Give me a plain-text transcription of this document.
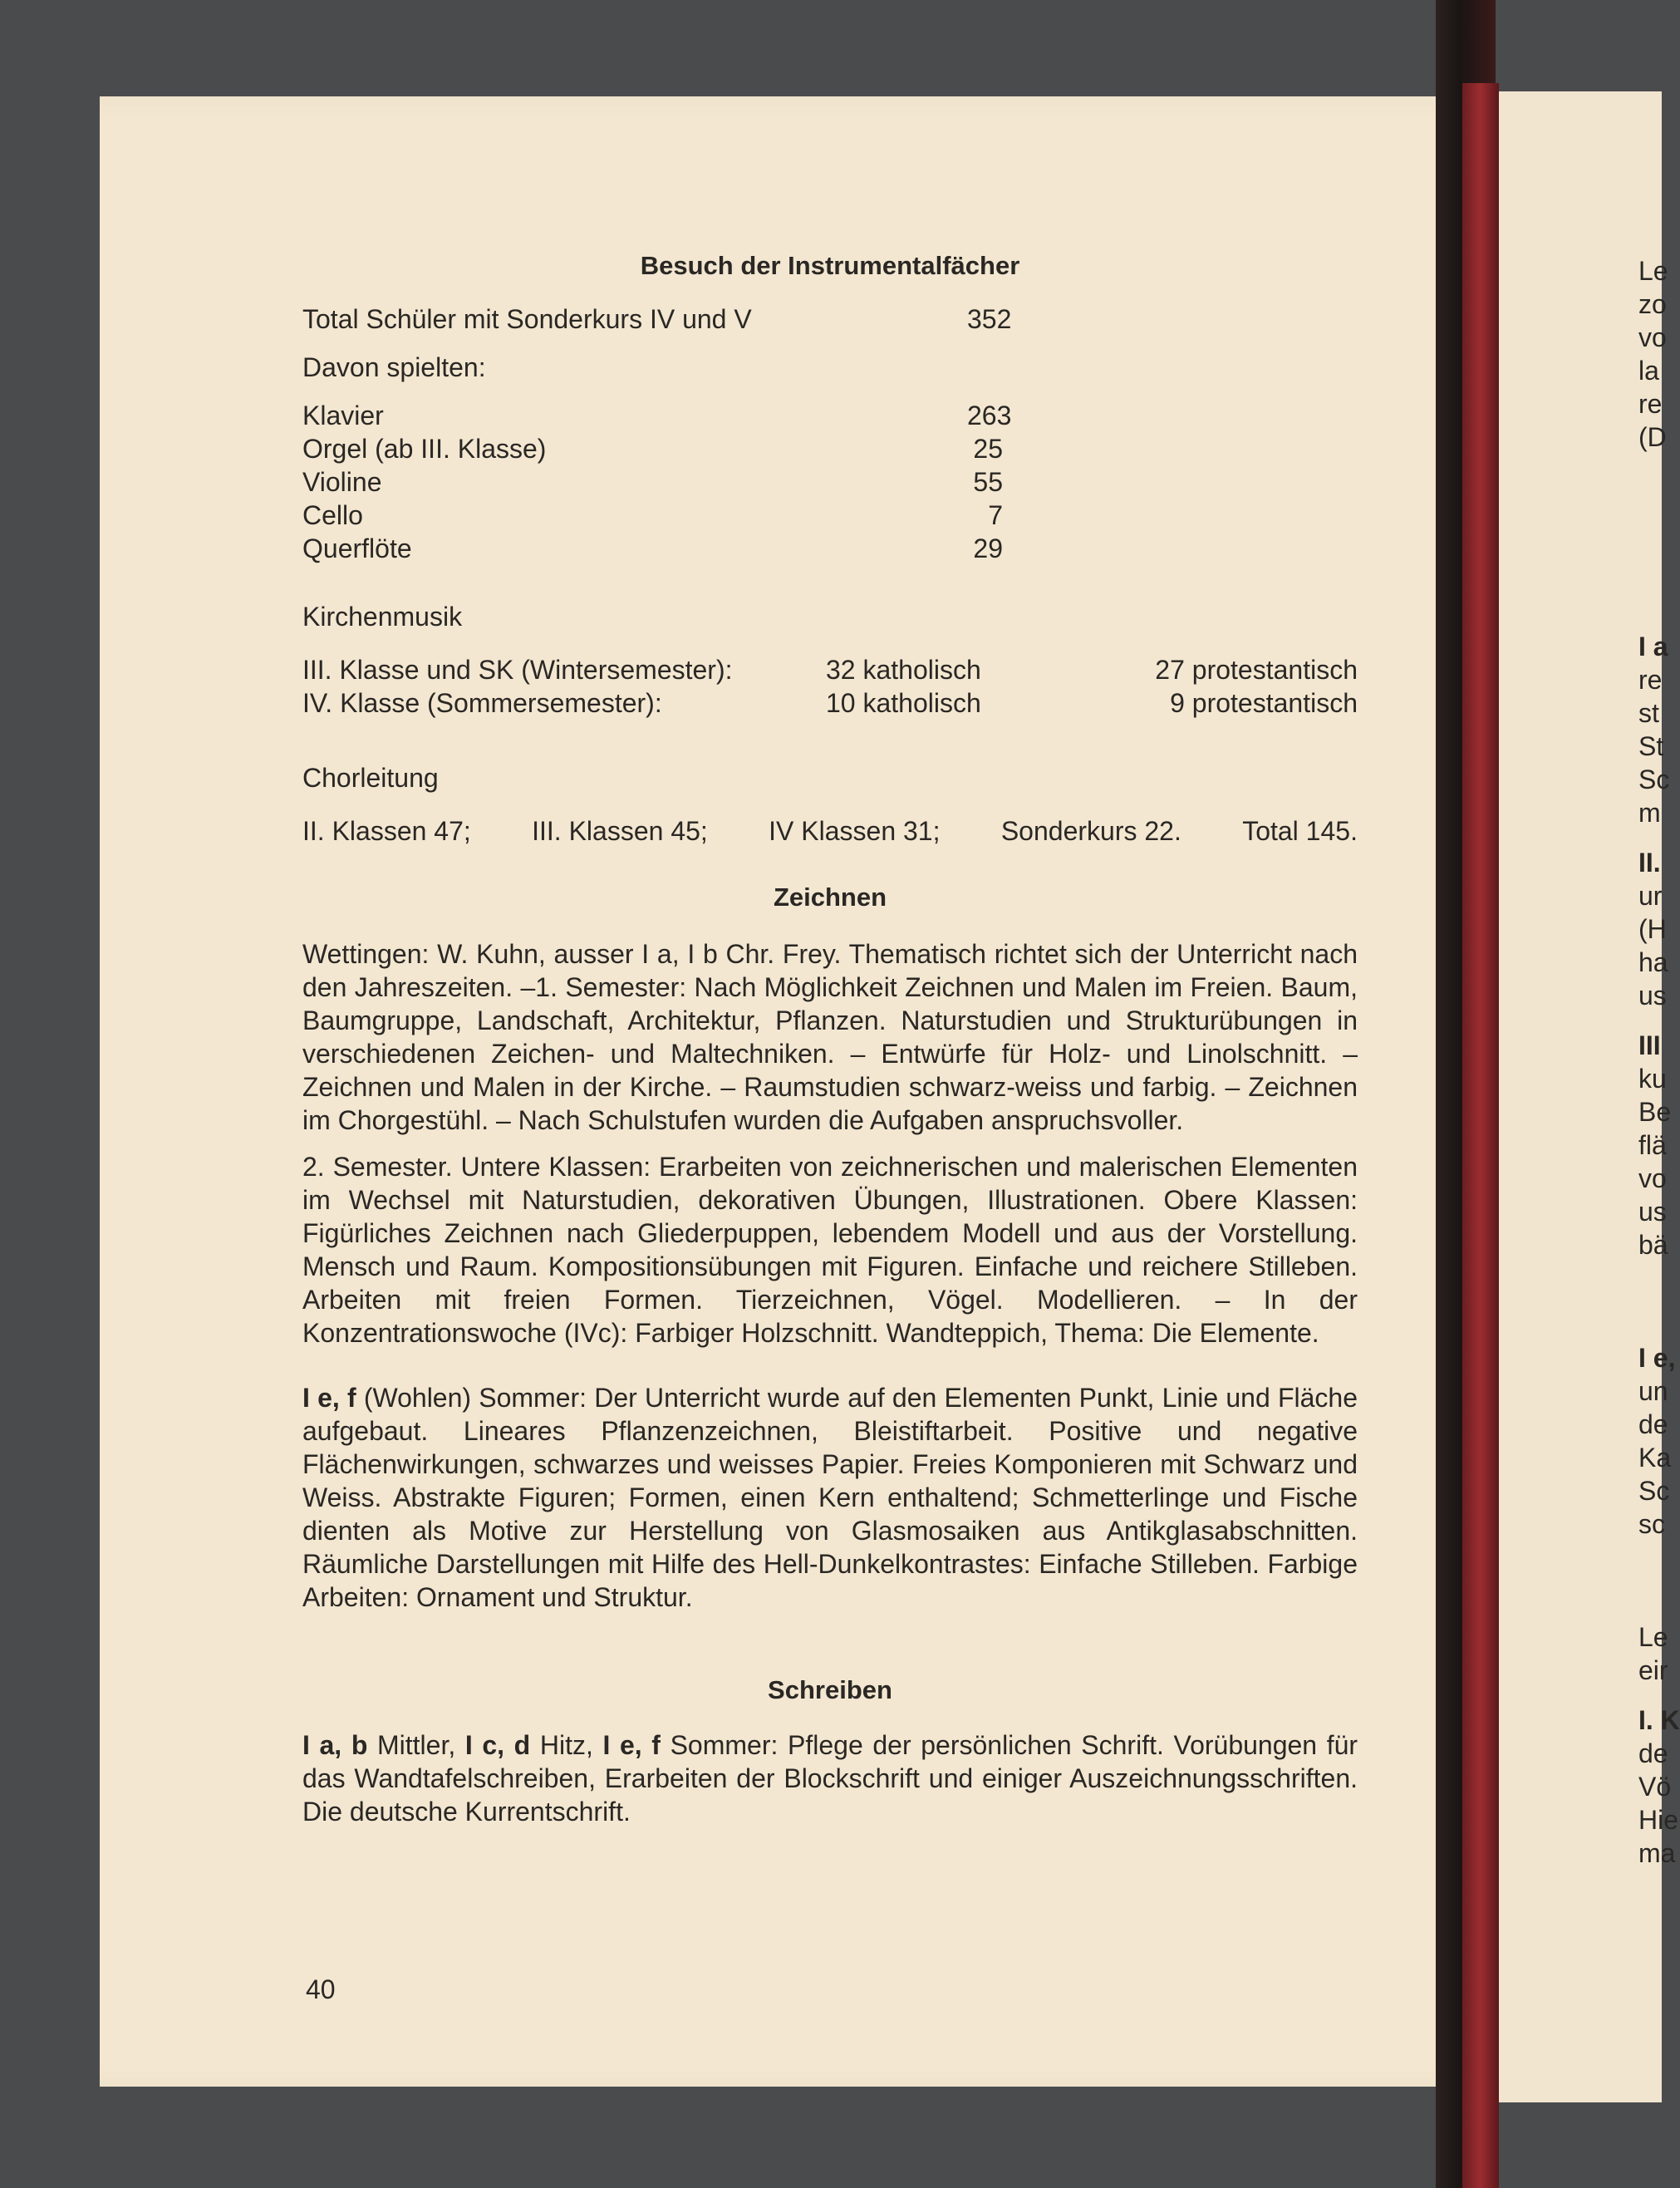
Besuch der Instrumentalfächer
Total Schüler mit Sonderkurs IV und V	352
Davon spielten:
Klavier	263
Orgel (ab III. Klasse)	25
Violine	55
Cello	7
Querflöte	29
Kirchenmusik
III. Klasse und SK (Wintersemester):	32 katholisch	27 protestantisch
IV. Klasse (Sommersemester):	10 katholisch	9 protestantisch
Chorleitung
II. Klassen 47; III. Klassen 45; IV Klassen 31; Sonderkurs 22. Total 145.
Zeichnen

Wettingen: W. Kuhn, ausser I a, I b Chr. Frey. Thematisch richtet sich der Unterricht nach den Jahreszeiten. –1. Semester: Nach Möglichkeit Zeichnen und Malen im Freien. Baum, Baumgruppe, Landschaft, Architektur, Pflanzen. Naturstudien und Strukturübungen in verschiedenen Zeichen- und Maltechniken. – Entwürfe für Holz- und Linolschnitt. – Zeichnen und Malen in der Kirche. – Raumstudien schwarz-weiss und farbig. – Zeichnen im Chorgestühl. – Nach Schulstufen wurden die Aufgaben anspruchsvoller.

2. Semester. Untere Klassen: Erarbeiten von zeichnerischen und malerischen Elementen im Wechsel mit Naturstudien, dekorativen Übungen, Illustrationen. Obere Klassen: Figürliches Zeichnen nach Gliederpuppen, lebendem Modell und aus der Vorstellung. Mensch und Raum. Kompositionsübungen mit Figuren. Einfache und reichere Stilleben. Arbeiten mit freien Formen. Tierzeichnen, Vögel. Modellieren. – In der Konzentrationswoche (IVc): Farbiger Holzschnitt. Wandteppich, Thema: Die Elemente.

I e, f (Wohlen) Sommer: Der Unterricht wurde auf den Elementen Punkt, Linie und Fläche aufgebaut. Lineares Pflanzenzeichnen, Bleistiftarbeit. Positive und negative Flächenwirkungen, schwarzes und weisses Papier. Freies Komponieren mit Schwarz und Weiss. Abstrakte Figuren; Formen, einen Kern enthaltend; Schmetterlinge und Fische dienten als Motive zur Herstellung von Glasmosaiken aus Antikglasabschnitten. Räumliche Darstellungen mit Hilfe des Hell-Dunkelkontrastes: Einfache Stilleben. Farbige Arbeiten: Ornament und Struktur.

Schreiben

I a, b Mittler, I c, d Hitz, I e, f Sommer: Pflege der persönlichen Schrift. Vorübungen für das Wandtafelschreiben, Erarbeiten der Blockschrift und einiger Auszeichnungsschriften. Die deutsche Kurrentschrift.

40
Le
zo
vo
la
re
(D
I a
re
st
St
Sc
m
II.
ur
(H
ha
us
III
ku
Be
flä
vo
us
bä
I e,
un
de
Ka
Sc
sc
Le
eir
I. K
de
Vö
Hie
ma
